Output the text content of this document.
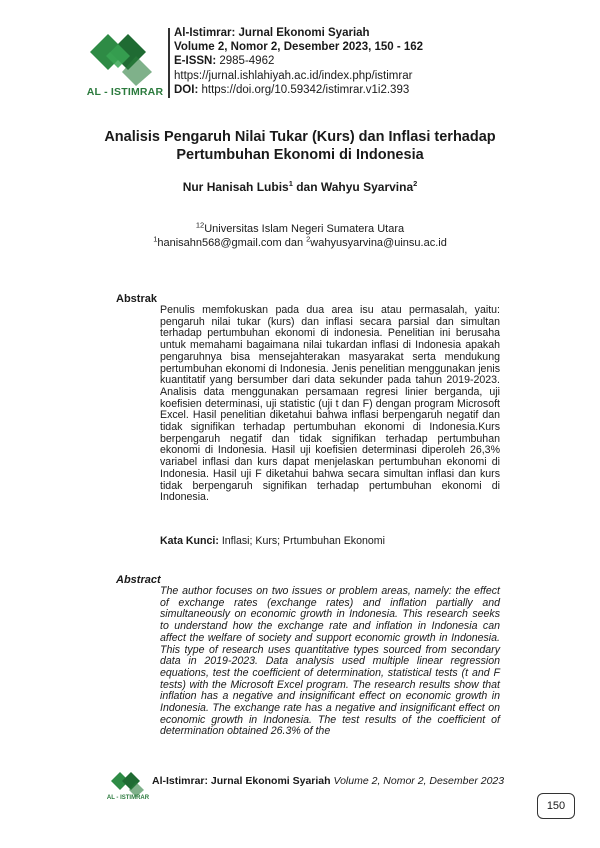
AL - ISTIMRAR
Al-Istimrar: Jurnal Ekonomi Syariah
Volume 2, Nomor 2, Desember 2023, 150 - 162
E-ISSN: 2985-4962
https://jurnal.ishlahiyah.ac.id/index.php/istimrar
DOI: https://doi.org/10.59342/istimrar.v1i2.393
Analisis Pengaruh Nilai Tukar (Kurs) dan Inflasi terhadap
Pertumbuhan Ekonomi di Indonesia
Nur Hanisah Lubis$^1$ dan Wahyu Syarvina$^2$
$^{12}$Universitas Islam Negeri Sumatera Utara
$^1$hanisahn568@gmail.com dan $^2$wahyusyarvina@uinsu.ac.id
Abstrak

Penulis memfokuskan pada dua area isu atau permasalah, yaitu: pengaruh nilai tukar (kurs) dan inflasi secara parsial dan simultan terhadap pertumbuhan ekonomi di indonesia. Penelitian ini berusaha untuk memahami bagaimana nilai tukardan inflasi di Indonesia apakah pengaruhnya bisa mensejahterakan masyarakat serta mendukung pertumbuhan ekonomi di Indonesia. Jenis penelitian menggunakan jenis kuantitatif yang bersumber dari data sekunder pada tahun 2019-2023. Analisis data menggunakan persamaan regresi linier berganda, uji koefisien determinasi, uji statistic (uji t dan F) dengan program Microsoft Excel. Hasil penelitian diketahui bahwa inflasi berpengaruh negatif dan tidak signifikan terhadap pertumbuhan ekonomi di Indonesia.Kurs berpengaruh negatif dan tidak signifikan terhadap pertumbuhan ekonomi di Indonesia. Hasil uji koefisien determinasi diperoleh 26,3% variabel inflasi dan kurs dapat menjelaskan pertumbuhan ekonomi di Indonesia. Hasil uji F diketahui bahwa secara simultan inflasi dan kurs tidak berpengaruh signifikan terhadap pertumbuhan ekonomi di Indonesia.

Kata Kunci: Inflasi; Kurs; Prtumbuhan Ekonomi
Abstract

The author focuses on two issues or problem areas, namely: the effect of exchange rates (exchange rates) and inflation partially and simultaneously on economic growth in Indonesia. This research seeks to understand how the exchange rate and inflation in Indonesia can affect the welfare of society and support economic growth in Indonesia. This type of research uses quantitative types sourced from secondary data in 2019-2023. Data analysis used multiple linear regression equations, test the coefficient of determination, statistical tests (t and F tests) with the Microsoft Excel program. The research results show that inflation has a negative and insignificant effect on economic growth in Indonesia. The exchange rate has a negative and insignificant effect on economic growth in Indonesia. The test results of the coefficient of determination obtained 26.3% of the

AL - ISTIMRAR
Al-Istimrar: Jurnal Ekonomi Syariah Volume 2, Nomor 2, Desember 2023
150
